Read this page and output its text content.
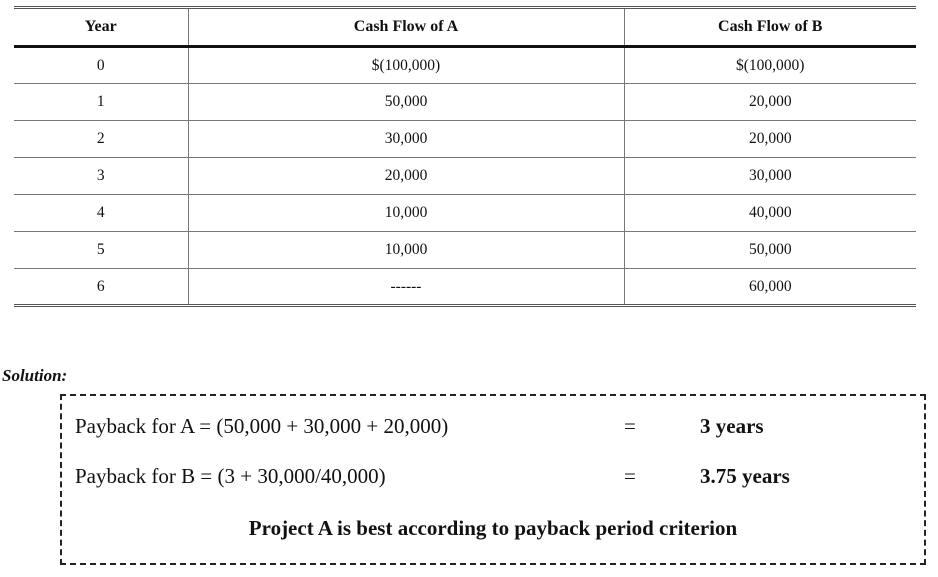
Year	Cash Flow of A	Cash Flow of B
0	$(100,000)	$(100,000)
1	50,000	20,000
2	30,000	20,000
3	20,000	30,000
4	10,000	40,000
5	10,000	50,000
6	------	60,000
Solution:
Payback for A = (50,000 + 30,000 + 20,000)	=	3 years
Payback for B = (3 + 30,000/40,000)	=	3.75 years
Project A is best according to payback period criterion
